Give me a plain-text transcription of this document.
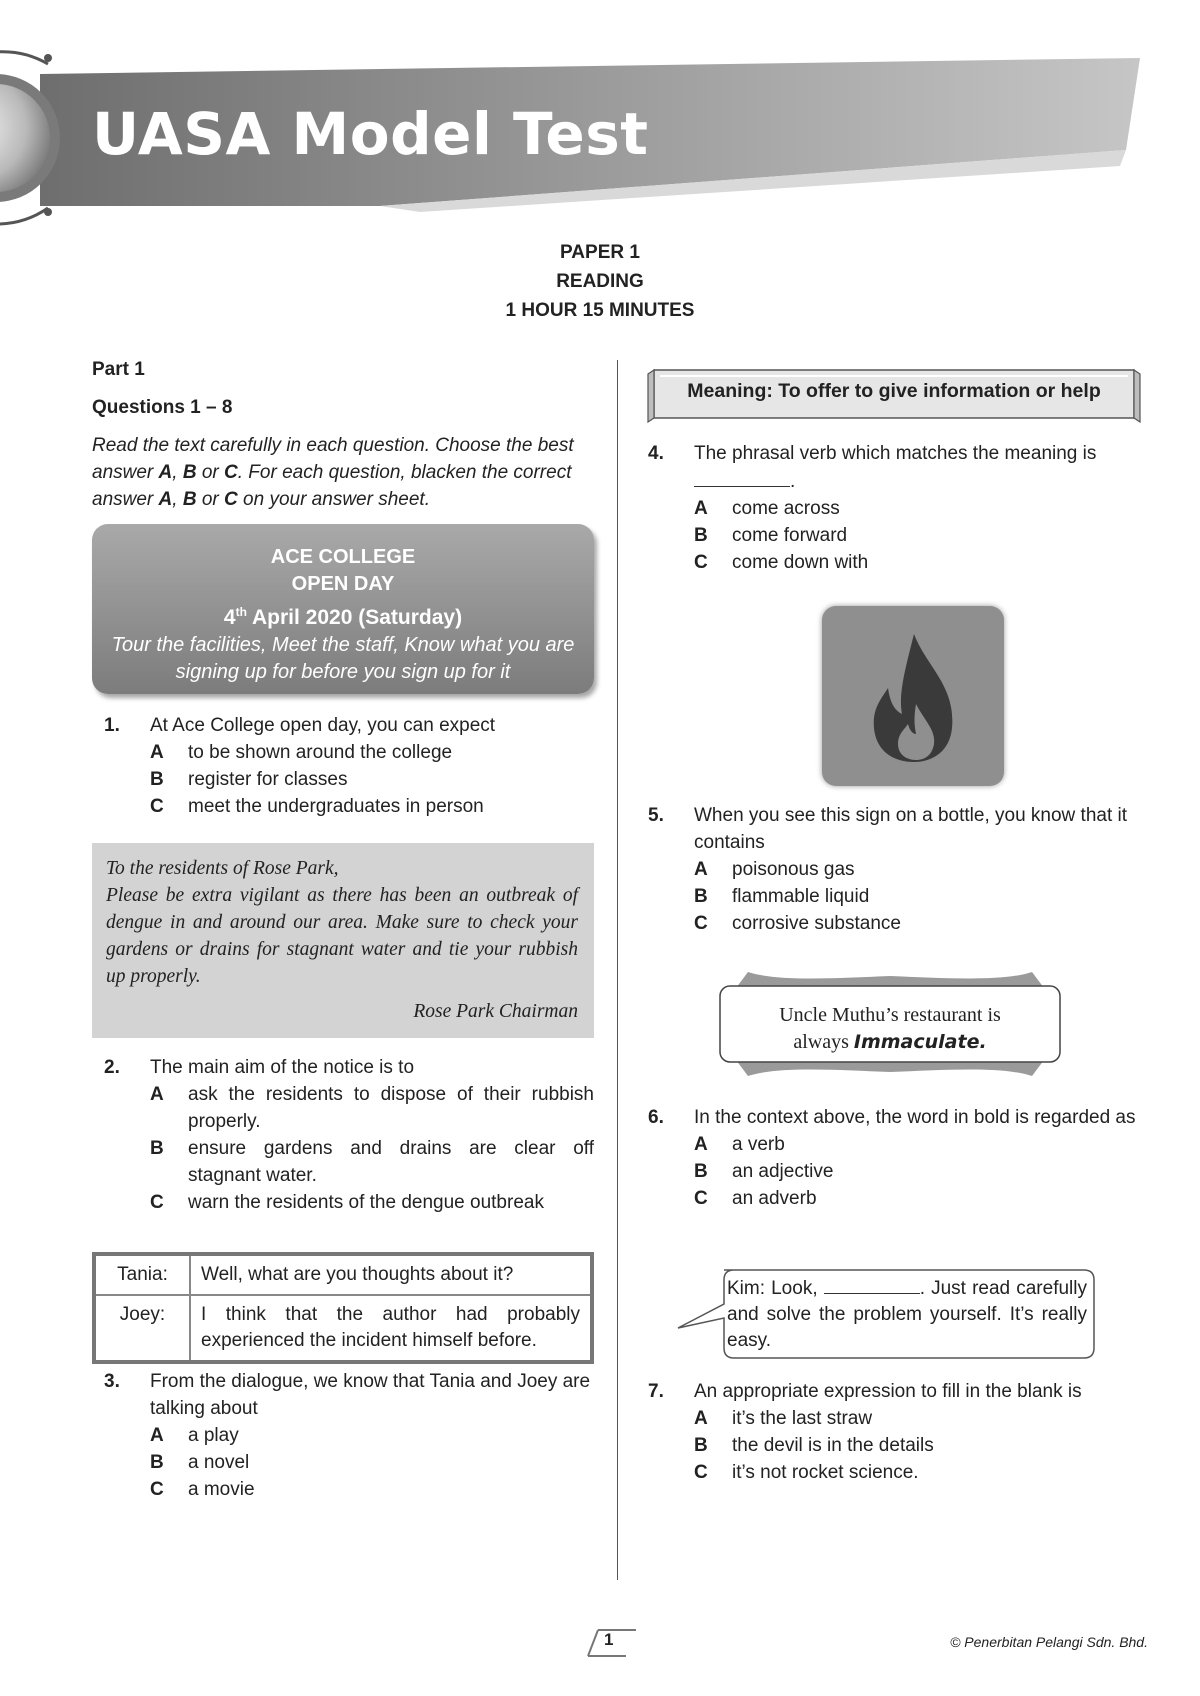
UASA Model Test
PAPER 1
READING
1 HOUR 15 MINUTES
Part 1
Questions 1 – 8
Read the text carefully in each question. Choose the best answer A, B or C. For each question, blacken the correct answer A, B or C on your answer sheet.
ACE COLLEGE
OPEN DAY
4th April 2020 (Saturday)
Tour the facilities, Meet the staff, Know what you are signing up for before you sign up for it
1. At Ace College open day, you can expect
A to be shown around the college
B register for classes
C meet the undergraduates in person
To the residents of Rose Park,
Please be extra vigilant as there has been an outbreak of dengue in and around our area. Make sure to check your gardens or drains for stagnant water and tie your rubbish up properly.
Rose Park Chairman
2. The main aim of the notice is to
A ask the residents to dispose of their rubbish properly.
B ensure gardens and drains are clear off stagnant water.
C warn the residents of the dengue outbreak
Tania:	Well, what are you thoughts about it?
Joey:	I think that the author had probably experienced the incident himself before.
3. From the dialogue, we know that Tania and Joey are talking about
A a play
B a novel
C a movie
Meaning: To offer to give information or help
4. The phrasal verb which matches the meaning is
.
A come across
B come forward
C come down with
5. When you see this sign on a bottle, you know that it contains
A poisonous gas
B flammable liquid
C corrosive substance
Uncle Muthu’s restaurant is
always Immaculate.
6. In the context above, the word in bold is regarded as
A a verb
B an adjective
C an adverb
Kim: Look,	. Just read carefully and solve the problem yourself. It’s really easy.
7. An appropriate expression to fill in the blank is
A it’s the last straw
B the devil is in the details
C it’s not rocket science.
1	© Penerbitan Pelangi Sdn. Bhd.
